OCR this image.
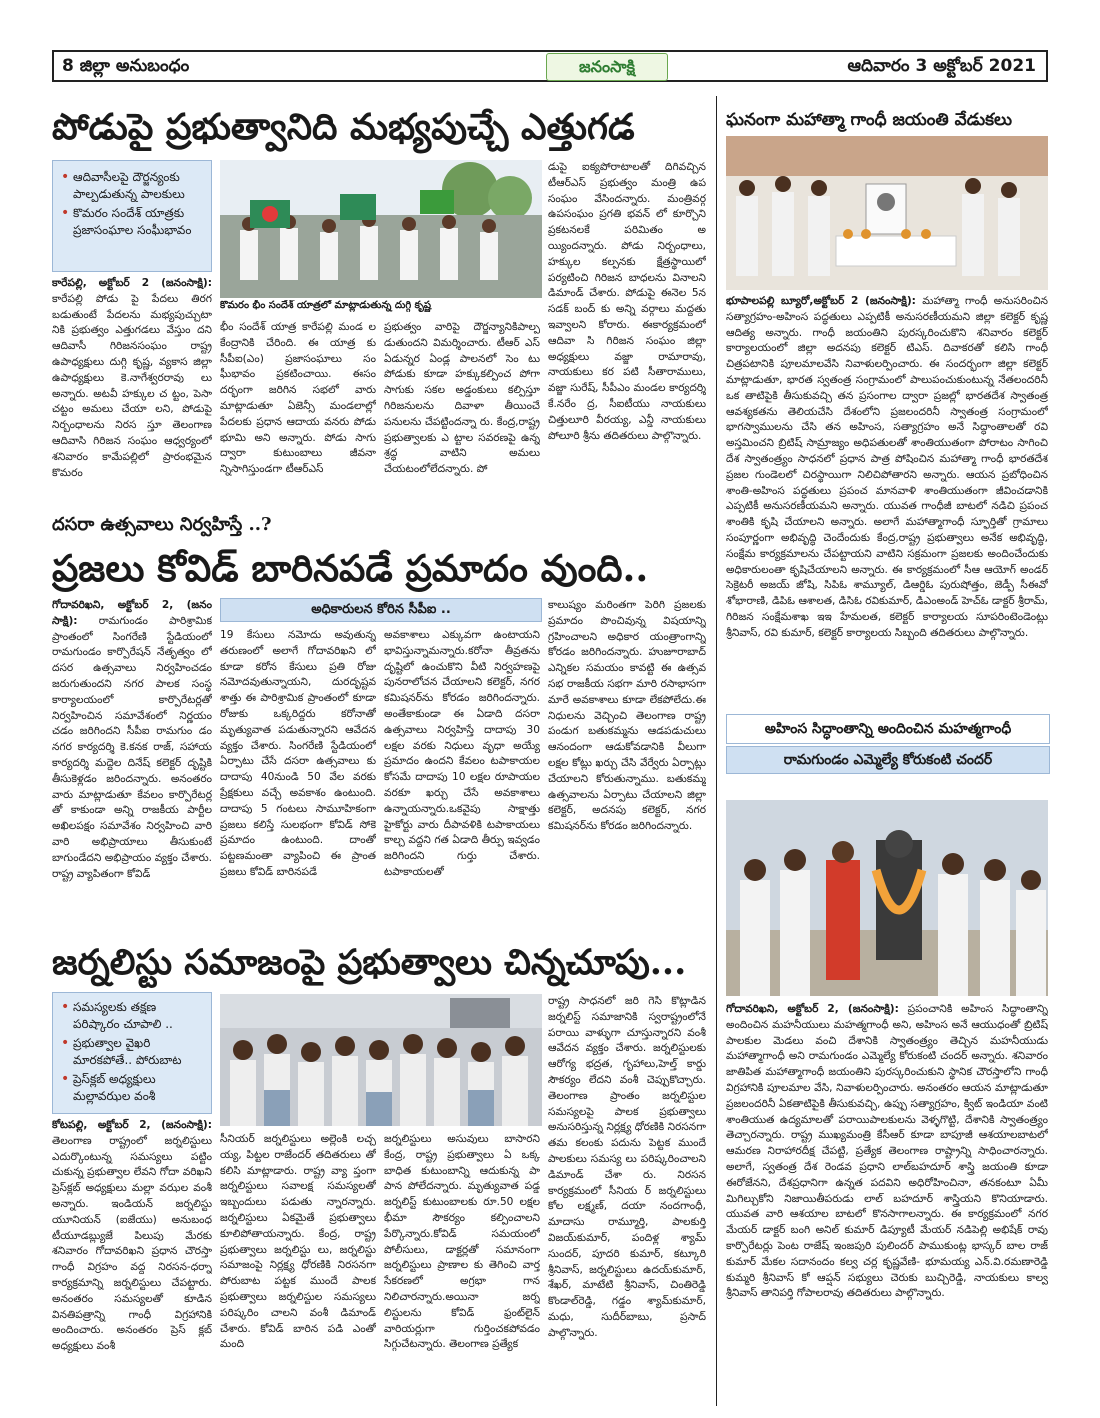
8 జిల్లా అనుబంధం	జనంసాక్షి	ఆదివారం 3 అక్టోబర్ 2021
పోడుపై ప్రభుత్వానిది మభ్యపుచ్చే ఎత్తుగడ
• ఆదివాసీలపై దౌర్జన్యంకు పాల్పడుతున్న పాలకులు
• కొమరం సందేశ్ యాత్రకు ప్రజాసంఘాల సంఘీభావం
కొమరం భీం సందేశ్ యాత్రలో మాట్లాడుతున్న దుగ్గి కృష్ణ
కారేపల్లి, అక్టోబర్ 2 (జనంసాక్షి): కారేపల్లి పోడు పై పేదలు తిరగ బడుతుంటే పేదలను మభ్యపుచ్చుటా నికి ప్రభుత్వం ఎత్తుగడలు వేస్తుం దని ఆదివాసీ గిరిజనసంఘం రాష్ట్ర ఉపాధ్యక్షులు దుగ్గి కృష్ణ, వ్యకాస జిల్లా ఉపాధ్యక్షులు కె.నాగేశ్వరరావు లు అన్నారు. అటవీ హక్కుల చ ట్టం, పెసా చట్టం అమలు చేయా లని, పోడుపై నిర్బంధాలను నిరస స్తూ తెలంగాణ ఆదివాసి గిరిజన సంఘం ఆధ్వర్యంలో శనివారం కామేపల్లిలో ప్రారంభమైన కొమరం
భీం సందేశ్ యాత్ర కారేపల్లి మండ ల కేంద్రానికి చేరింది. ఈ యాత్ర కు సీపీఐ(ఎం) ప్రజాసంఘాలు సం ఘీభావం ప్రకటించాయి. ఈసం దర్భంగా జరిగిన సభలో వారు మాట్లాడుతూ ఏజెన్సీ మండలాల్లో పేదలకు ప్రధాన ఆదాయ వనరు పోడు భూమి అని అన్నారు. పోడు సాగు ద్వారా కుటుంబాలు జీవనా న్నిసాగిస్తుండగా టీఆర్ఎస్
ప్రభుత్వం వారిపై దౌర్జన్యానికిపాల్ప డుతుందని విమర్శించారు. టీఆర్ ఎస్ ఏడున్నర ఏండ్ల పాలనలో సెం టు పోడుకు కూడా హక్కుకల్పించ పోగా సాగుకు సకల అడ్డంకులు కల్పిస్తూ గిరిజనులను దివాళా తీయించే పనులను చేపట్టిందన్నా రు. కేంద్ర,రాష్ట్ర ప్రభుత్వాలకు ఎ ట్టాల సవరణపై ఉన్న శ్రద్ధ వాటిని అమలు చేయటంలోలేదన్నారు. పో
డుపై ఐక్యపోరాటాలతో దిగివచ్చిన టీఆర్ఎస్ ప్రభుత్వం మంత్రి ఉప సంఘం వేసిందన్నారు. మంత్రివర్గ ఉపసంఘం ప్రగతి భవన్ లో కూర్చొని ప్రకటనలకే పరిమితం అ య్యిందన్నారు. పోడు నిర్బంధాలు, హక్కుల కల్పనకు క్షేత్రస్థాయిలో పర్యటించి గిరిజన బాధలను వినాలని డిమాండ్ చేశారు. పోడుపై ఈనెల 5న సడక్ బంద్ కు అన్ని వర్గాలు మద్దతు ఇవ్వాలని కోరారు. ఈకార్యక్రమంలో ఆదివా సి గిరిజన సంఘం జిల్లా అధ్యక్షులు వజ్జా రామారావు, నాయకులు కర పటి సీతారాములు, వజ్జా సురేష్, సీపీఎం మండల కార్యదర్శి కే.నరేం ద్ర, సీఐటీయు నాయకులు చిత్తులూరి వీరయ్య, ఎన్డీ నాయకులు పోలూరి శ్రీను తదితరులు పాల్గొన్నారు.
ఘనంగా మహాత్మా గాంధీ జయంతి వేడుకలు
భూపాలపల్లి బ్యూరో,అక్టోబర్ 2 (జనంసాక్షి): మహాత్మా గాంధీ అనుసరించిన సత్యాగ్రహం-అహింస పద్ధతులు ఎప్పటికీ అనుసరణీయమని జిల్లా కలెక్టర్ కృష్ణ ఆదిత్య అన్నారు. గాంధీ జయంతిని పురస్కరించుకొని శనివారం కలెక్టర్ కార్యాలయంలో జిల్లా అదనపు కలెక్టర్ టిఎస్. దివాకరతో కలిసి గాంధీ చిత్రపటానికి పూలమాలవేసి నివాళులర్పించారు. ఈ సందర్భంగా జిల్లా కలెక్టర్ మాట్లాడుతూ, భారత స్వతంత్ర సంగ్రామంలో పాలుపంచుకుంటున్న నేతలందరినీ ఒక తాటిపైకి తీసుకువచ్చి తన ప్రసంగాల ద్వారా ప్రజల్లో భారతదేశ స్వాతంత్ర ఆవశ్యకతను తెలియచేసి దేశంలోని ప్రజలందరినీ స్వాతంత్ర సంగ్రామంలో భాగస్వాములను చేసి తన అహింస, సత్యాగ్రహం అనే సిద్ధాంతాలతో రవి అస్తమించని బ్రిటిష్ సామ్రాజ్యం అధిపతులతో శాంతియుతంగా పోరాటం సాగించి దేశ స్వాతంత్ర్యం సాధనలో ప్రధాన పాత్ర పోషించిన మహాత్మా గాంధీ భారతదేశ ప్రజల గుండెలలో చిరస్థాయిగా నిలిచిపోతారని అన్నారు. ఆయన ప్రబోధించిన శాంతి-అహింస పద్ధతులు ప్రపంచ మానవాళి శాంతియుతంగా జీవించడానికి ఎప్పటికీ అనుసరణీయమని అన్నారు. యువత గాంధీజీ బాటలో నడిచి ప్రపంచ శాంతికి కృషి చేయాలని అన్నారు. అలాగే మహాత్మాగాంధీ స్ఫూర్తితో గ్రామాలు సంపూర్ణంగా అభివృద్ధి చెందేందుకు కేంద్ర,రాష్ట్ర ప్రభుత్వాలు అనేక అభివృద్ధి, సంక్షేమ కార్యక్రమాలను చేపట్టాయని వాటిని సక్రమంగా ప్రజలకు అందించేందుకు అధికారులంతా కృషిచేయాలని అన్నారు. ఈ కార్యక్రమంలో సీఆ ఆయోగ్ అండర్ సెక్రెటరీ అజయ్ జోషి, సిపిఓ శామ్యూల్, డిఆర్డిఓ పురుషోత్తం, జెడ్పీ సీఈవో శోభారాణి, డిపిఓ ఆశాలత, డిసిఓ రవికుమార్, డిఎంఅండ్ హెచ్ఓ డాక్టర్ శ్రీరామ్, గిరిజన సంక్షేమశాఖ ఇఇ హేమలత, కలెక్టర్ కార్యాలయ సూపరింటెండెంట్లు శ్రీనివాస్, రవి కుమార్, కలెక్టర్ కార్యాలయ సిబ్బంది తదితరులు పాల్గొన్నారు.
దసరా ఉత్సవాలు నిర్వహిస్తే ..?
ప్రజలు కోవిడ్ బారినపడే ప్రమాదం వుంది..
అధికారులన కోరిన సీపీఐ ..
గోదావరిఖని, అక్టోబర్ 2, (జనం సాక్షి): రామగుండం పారిశ్రామిక ప్రాంతంలో సింగరేణి స్టేడియంలో రామగుండం కార్పొరేషన్ నేతృత్వం లో దసర ఉత్సవాలు నిర్వహించడం జరుగుతుందని నగర పాలక సంస్థ కార్యాలయంలో కార్పొరేటర్లతో నిర్వహించిన సమావేశంలో నిర్ణయం చడం జరిగిందని సీపీఐ రామగుం డం నగర కార్యదర్శి కె.కనక రాజ్, సహాయ కార్యదర్శి మద్దెల దినేష్ కలెక్టర్ దృష్టికి తీసుకెళ్లడం జరిందన్నారు. అనంతరం వారు మాట్లాడుతూ కేవలం కార్పొరేటర్ల తో కాకుండా అన్ని రాజకీయ పార్టీల అఖిలపక్షం సమావేశం నిర్వహించి వారి వారి అభిప్రాయాలు తీసుకుంటే బాగుండేదని అభిప్రాయం వ్యక్తం చేశారు. రాష్ట్ర వ్యాపితంగా కోవిడ్
19 కేసులు నమోదు అవుతున్న తరుణంలో అలాగే గోదావరిఖని లో కూడా కరోన కేసులు ప్రతి రోజు నమోదవుతున్నాయని, దురదృష్టవ శాత్తు ఈ పారిశ్రామిక ప్రాంతంలో కూడా రోజుకు ఒక్కరిద్దరు కరోనాతో మృత్యువాత పడుతున్నారని ఆవేదన వ్యక్తం చేశారు. సింగరేణి స్టేడియంలో ఏర్పాటు చేసే దసరా ఉత్సవాలు కు దాదాపు 40నుండి 50 వేల వరకు ప్రేక్షకులు వచ్చే అవకాశం ఉంటుంది. దాదాపు 5 గంటలు సామూహికంగా ప్రజలు కలిస్తే సులభంగా కోవిడ్ సోకె ప్రమాదం ఉంటుంది. దాంతో పట్టణమంతా వ్యాపించి ఈ ప్రాంత ప్రజలు కోవిడ్ బారినపడే
అవకాశాలు ఎక్కువగా ఉంటాయని భావిస్తున్నామన్నారు.కరోనా తీవ్రతను దృష్టిలో ఉంచుకొని వీటి నిర్వహణపై పునరాలోచన చేయాలని కలెక్టర్, నగర కమిషనర్‌ను కోరడం జరిగిందన్నారు. అంతేకాకుండా ఈ ఏడాది దసరా ఉత్సవాలు నిర్వహిస్తే దాదాపు 30 లక్షల వరకు నిధులు వృధా అయ్యే ప్రమాదం ఉందని కేవలం టపాకాయల కోసమే దాదాపు 10 లక్షల రూపాయల వరకూ ఖర్చు చేసే అవకాశాలు ఉన్నాయన్నారు.ఒకవైపు సాక్షాత్తు హైకోర్టు వారు దీపావళికి టపాకాయలు కాల్చ వద్దని గత ఏడాది తీర్పు ఇవ్వడం జరిగిందని గుర్తు చేశారు. టపాకాయలతో
కాలుష్యం మరింతగా పెరిగి ప్రజలకు ప్రమాదం పొంచివున్న విషయాన్ని గ్రహించాలని అధికార యంత్రాంగాన్ని కోరడం జరిగిందన్నారు. హుజూరాబాద్ ఎన్నికల సమయం కావట్టి ఈ ఉత్సవ సభ రాజకీయ సభగా మారి రసాభాసగా మారే అవకాశాలు కూడా లేకపోలేదు.ఈ నిధులను వెచ్చించి తెలంగాణ రాష్ట్ర పండుగ బతుకమ్మను ఆడపడుచులు ఆనందంగా ఆడుకోవడానికి వీలుగా లక్షల కోట్లు ఖర్చు చేసి వేర్వేరు ఏర్పాట్లు చేయాలని కోరుతున్నాము. బతుకమ్మ ఉత్సవాలను ఏర్పాటు చేయాలని జిల్లా కలెక్టర్, అదనపు కలెక్టర్, నగర కమిషనర్‌ను కోరడం జరిగిందన్నారు.
అహింస సిద్ధాంతాన్ని అందించిన మహత్మగాంధీ
రామగుండం ఎమ్మెల్యే కోరుకంటి చందర్
గోదావరిఖని, అక్టోబర్ 2, (జనంసాక్షి): ప్రపంచానికి అహింస సిద్ధాంతాన్ని అందించిన మహనీయులు మహత్మగాంధీ అని, అహింస అనే ఆయుధంతో బ్రిటిష్ పాలకుల మెడలు వంచి దేశానికి స్వాతంత్ర్యం తెచ్చిన మహనీయుడు మహాత్మాగాంధీ అని రామగుండం ఎమ్మెల్యే కోరుకంటి చందర్ అన్నారు. శనివారం జాతిపిత మహాత్మాగాంధీ జయంతిని పురస్కరించుకుని స్థానిక చౌరస్తాలోని గాంధీ విగ్రహానికి పూలమాల వేసి, నివాళులర్పించారు. అనంతరం ఆయన మాట్లాడుతూ ప్రజలందరినీ ఏకతాటిపైకి తీసుకువచ్చి, ఉప్పు సత్యాగ్రహం, క్విట్ ఇండియా వంటి శాంతియుత ఉద్యమాలతో పరాయిపాలకులను వెళ్ళగొట్టి, దేశానికి స్వాతంత్ర్యం తెచ్చారన్నారు. రాష్ట్ర ముఖ్యమంత్రి కేసీఆర్ కూడా బాపూజీ ఆశయాలబాటలో ఆమరణ నిరాహారదీక్ష చేపట్టి, ప్రత్యేక తెలంగాణ రాష్ట్రాన్ని సాధించారన్నారు. అలాగే, స్వతంత్ర దేశ రెండవ ప్రధాని లాల్‌బహదూర్ శాస్త్రి జయంతి కూడా ఈరోజేనని, దేశప్రధానిగా ఉన్నత పదవిని అధిరోహించినా, తనకంటూ ఏమీ మిగిల్చుకోని నిజాయితీపరుడు లాల్ బహదూర్ శాస్త్రియని కొనియాడారు. యువత వారి ఆశయాల బాటలో కొనసాగాలన్నారు. ఈ కార్యక్రమంలో నగర మేయర్ డాక్టర్ బంగి అనిల్ కుమార్ డిప్యూటీ మేయర్ నడిపెల్లి అభిషేక్ రావు కార్పొరేటర్లు పెంట రాజేష్ ఇంజపురి పులిందర్ పాముకుంట్ల భాస్కర్ బాల రాజ్ కుమార్ మేకల సదానందం కల్వ చర్ల కృష్ణవేణి- భూమయ్య ఎన్.వి.రమణారెడ్డి కుమ్మరి శ్రీనివాస్ కో ఆప్షన్ సభ్యులు చెరుకు బుచ్చిరెడ్డి, నాయకులు కాల్వ శ్రీనివాస్ తానిపర్తి గోపాలరావు తదితరులు పాల్గొన్నారు.
జర్నలిస్టు సమాజంపై ప్రభుత్వాలు చిన్నచూపు...
• సమస్యలకు తక్షణ పరిష్కారం చూపాలి ..
• ప్రభుత్వాల వైఖరి మారకపోతే.. పోరుబాట
• ప్రెస్‌క్లబ్ అధ్యక్షులు మల్లావఝల వంశీ
కోటపల్లి, అక్టోబర్ 2, (జనంసాక్షి): తెలంగాణ రాష్ట్రంలో జర్నలిస్టులు ఎదుర్కొంటున్న సమస్యలు పట్టిం చుకున్న ప్రభుత్వాల లేవని గోదా వరిఖని ప్రెస్‌క్లబ్ అధ్యక్షులు మల్లా వఝల వంశీ అన్నారు. ఇండియన్ జర్నలిస్టు యూనియన్ (ఐజేయు) అనుబంధ టీయూడబ్ల్యుజే పిలుపు మేరకు శనివారం గోదావరిఖని ప్రధాన చౌరస్తా గాంధీ విగ్రహం వద్ద నిరసన-ధర్నా కార్యక్రమాన్ని జర్నలిస్టులు చేపట్టారు. అనంతరం సమస్యలతో కూడిన వినతిపత్రాన్ని గాంధీ విగ్రహానికి అందించారు. అనంతరం ప్రెస్ క్లబ్ అధ్యక్షులు వంశీ
సీనియర్ జర్నలిస్టులు అల్లెంకి లచ్చ య్య, పిట్టల రాజేందర్ తదితరులు తో కలిసి మాట్లాడారు. రాష్ట్ర వ్యా ప్తంగా జర్నలిస్టులు సవాలక్ష సమస్యలతో ఇబ్బందులు పడుతు న్నారన్నారు. జర్నలిస్టులు ఏకమైతే ప్రభుత్వాలు కూలిపోతాయన్నారు. కేంద్ర, రాష్ట్ర ప్రభుత్వాలు జర్నలిస్టు లు, జర్నలిస్టు సమాజంపై నిర్లక్ష్య ధోరణికి నిరసనగా పోరుబాట పట్టక ముందే పాలక ప్రభుత్వాలు జర్నలిస్టుల సమస్యలు పరిష్కరిం చాలని వంశీ డిమాండ్ చేశారు. కోవిడ్ బారిన పడి ఎంతో మంది
జర్నలిస్టులు అసువులు బాసారని కేంద్ర, రాష్ట్ర ప్రభుత్వాలు ఏ ఒక్క బాధిత కుటుంబాన్ని ఆదుకున్న పా పాన పోలేదన్నారు. మృత్యువాత పడ్డ జర్నలిస్ట్ కుటుంబాలకు రూ.50 లక్షల భీమా సౌకర్యం కల్పించాలని పేర్కొన్నారు.కోవిడ్ సమయంలో పోలీసులు, డాక్టర్లతో సమానంగా జర్నలిస్టులు ప్రాణాల కు తెగించి వార్త సేకరణలో అగ్రభా గాన నిలిచారన్నారు.అయినా జర్న లిస్టులను కోవిడ్ ఫ్రంట్‌లైన్ వారియర్లుగా గుర్తించకపోవడం సిగ్గుచేటన్నారు. తెలంగాణ ప్రత్యేక
రాష్ట్ర సాధనలో జరి గెసి కొట్లాడిన జర్నలిస్ట్ సమాజానికి స్వరాష్ట్రంలోనే పరాయి వాళ్ళుగా చూస్తున్నారని వంశీ ఆవేదన వ్యక్తం చేశారు. జర్నలిస్టులకు ఆరోగ్య భద్రత, గృహాలు,హెల్త్ కార్డు సౌకర్యం లేదని వంశీ చెప్పుకొచ్చారు. తెలంగాణ ప్రాంతం జర్నలిస్టుల సమస్యలపై పాలక ప్రభుత్వాలు అనుసరిస్తున్న నిర్లక్ష్య ధోరణికి నిరసనగా తమ కలంకు పదును పెట్టక ముందే పాలకులు సమస్య లు పరిష్కరించాలని డిమాండ్ చేశా రు. నిరసన కార్యక్రమంలో సీనియ ర్ జర్నలిస్టులు కోల లక్ష్మణ్, దయా నందగాంధీ, మాదాసు రామ్మూర్తి, పాలకుర్తి విజయ్‌కుమార్, పందిళ్ల శ్యామ్ సుందర్, పూదరి కుమార్, కట్కూరి శ్రీనివాస్, జర్నలిస్టులు ఉదయ్‌కుమార్, శేఖర్, మాటేటి శ్రీనివాస్, చింతిరెడ్డి కొండాల్‌రెడ్డి, గడ్డం శ్యామ్‌కుమార్, మధు, సుదీర్‌బాబు, ప్రసాద్ పాల్గొన్నారు.
